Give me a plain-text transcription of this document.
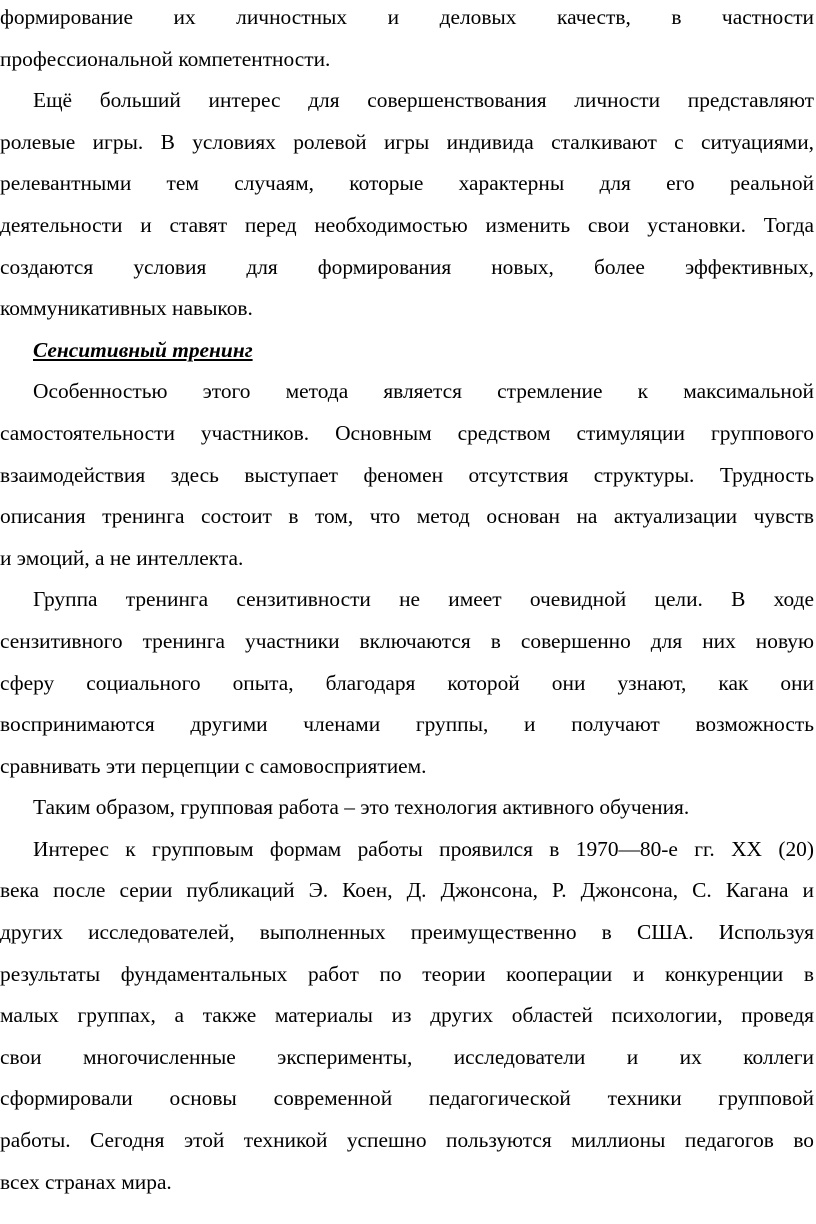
формирование их личностных и деловых качеств, в частности
профессиональной компетентности.
Ещё больший интерес для совершенствования личности представляют
ролевые игры. В условиях ролевой игры индивида сталкивают с ситуациями,
релевантными тем случаям, которые характерны для его реальной
деятельности и ставят перед необходимостью изменить свои установки. Тогда
создаются условия для формирования новых, более эффективных,
коммуникативных навыков.
Сенситивный тренинг
Особенностью этого метода является стремление к максимальной
самостоятельности участников. Основным средством стимуляции группового
взаимодействия здесь выступает феномен отсутствия структуры. Трудность
описания тренинга состоит в том, что метод основан на актуализации чувств
и эмоций, а не интеллекта.
Группа тренинга сензитивности не имеет очевидной цели. В ходе
сензитивного тренинга участники включаются в совершенно для них новую
сферу социального опыта, благодаря которой они узнают, как они
воспринимаются другими членами группы, и получают возможность
сравнивать эти перцепции с самовосприятием.
Таким образом, групповая работа – это технология активного обучения.
Интерес к групповым формам работы проявился в 1970—80-е гг. XX (20)
века после серии публикаций Э. Коен, Д. Джонсона, Р. Джонсона, С. Кагана и
других исследователей, выполненных преимущественно в США. Используя
результаты фундаментальных работ по теории кооперации и конкуренции в
малых группах, а также материалы из других областей психологии, проведя
свои многочисленные эксперименты, исследователи и их коллеги
сформировали основы современной педагогической техники групповой
работы. Сегодня этой техникой успешно пользуются миллионы педагогов во
всех странах мира.
